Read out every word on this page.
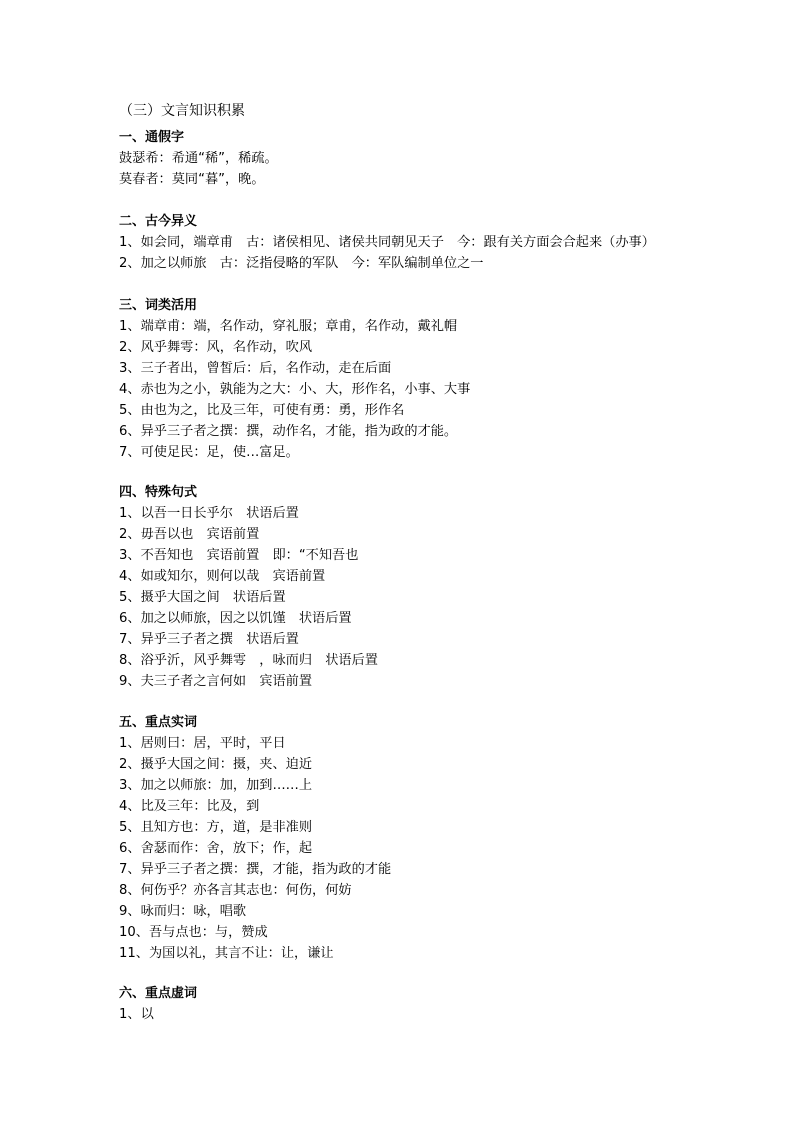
（三）文言知识积累
一、通假字
鼓瑟希：希通“稀”，稀疏。
莫春者：莫同“暮”，晚。
二、古今异义
1、如会同，端章甫　古：诸侯相见、诸侯共同朝见天子　今：跟有关方面会合起来（办事）
2、加之以师旅　古：泛指侵略的军队　今：军队编制单位之一
三、词类活用
1、端章甫：端，名作动，穿礼服；章甫，名作动，戴礼帽
2、风乎舞雩：风，名作动，吹风
3、三子者出，曾皙后：后，名作动，走在后面
4、赤也为之小，孰能为之大：小、大，形作名，小事、大事
5、由也为之，比及三年，可使有勇：勇，形作名
6、异乎三子者之撰：撰，动作名，才能，指为政的才能。
7、可使足民：足，使…富足。
四、特殊句式
1、以吾一日长乎尔　状语后置
2、毋吾以也　宾语前置
3、不吾知也　宾语前置　即：“不知吾也
4、如或知尔，则何以哉　宾语前置
5、摄乎大国之间　状语后置
6、加之以师旅，因之以饥馑　状语后置
7、异乎三子者之撰　状语后置
8、浴乎沂，风乎舞雩　，咏而归　状语后置
9、夫三子者之言何如　宾语前置
五、重点实词
1、居则曰：居，平时，平日
2、摄乎大国之间：摄，夹、迫近
3、加之以师旅：加，加到……上
4、比及三年：比及，到
5、且知方也：方，道，是非准则
6、舍瑟而作：舍，放下；作，起
7、异乎三子者之撰：撰，才能，指为政的才能
8、何伤乎？亦各言其志也：何伤，何妨
9、咏而归：咏，唱歌
10、吾与点也：与，赞成
11、为国以礼，其言不让：让，谦让
六、重点虚词
1、以
